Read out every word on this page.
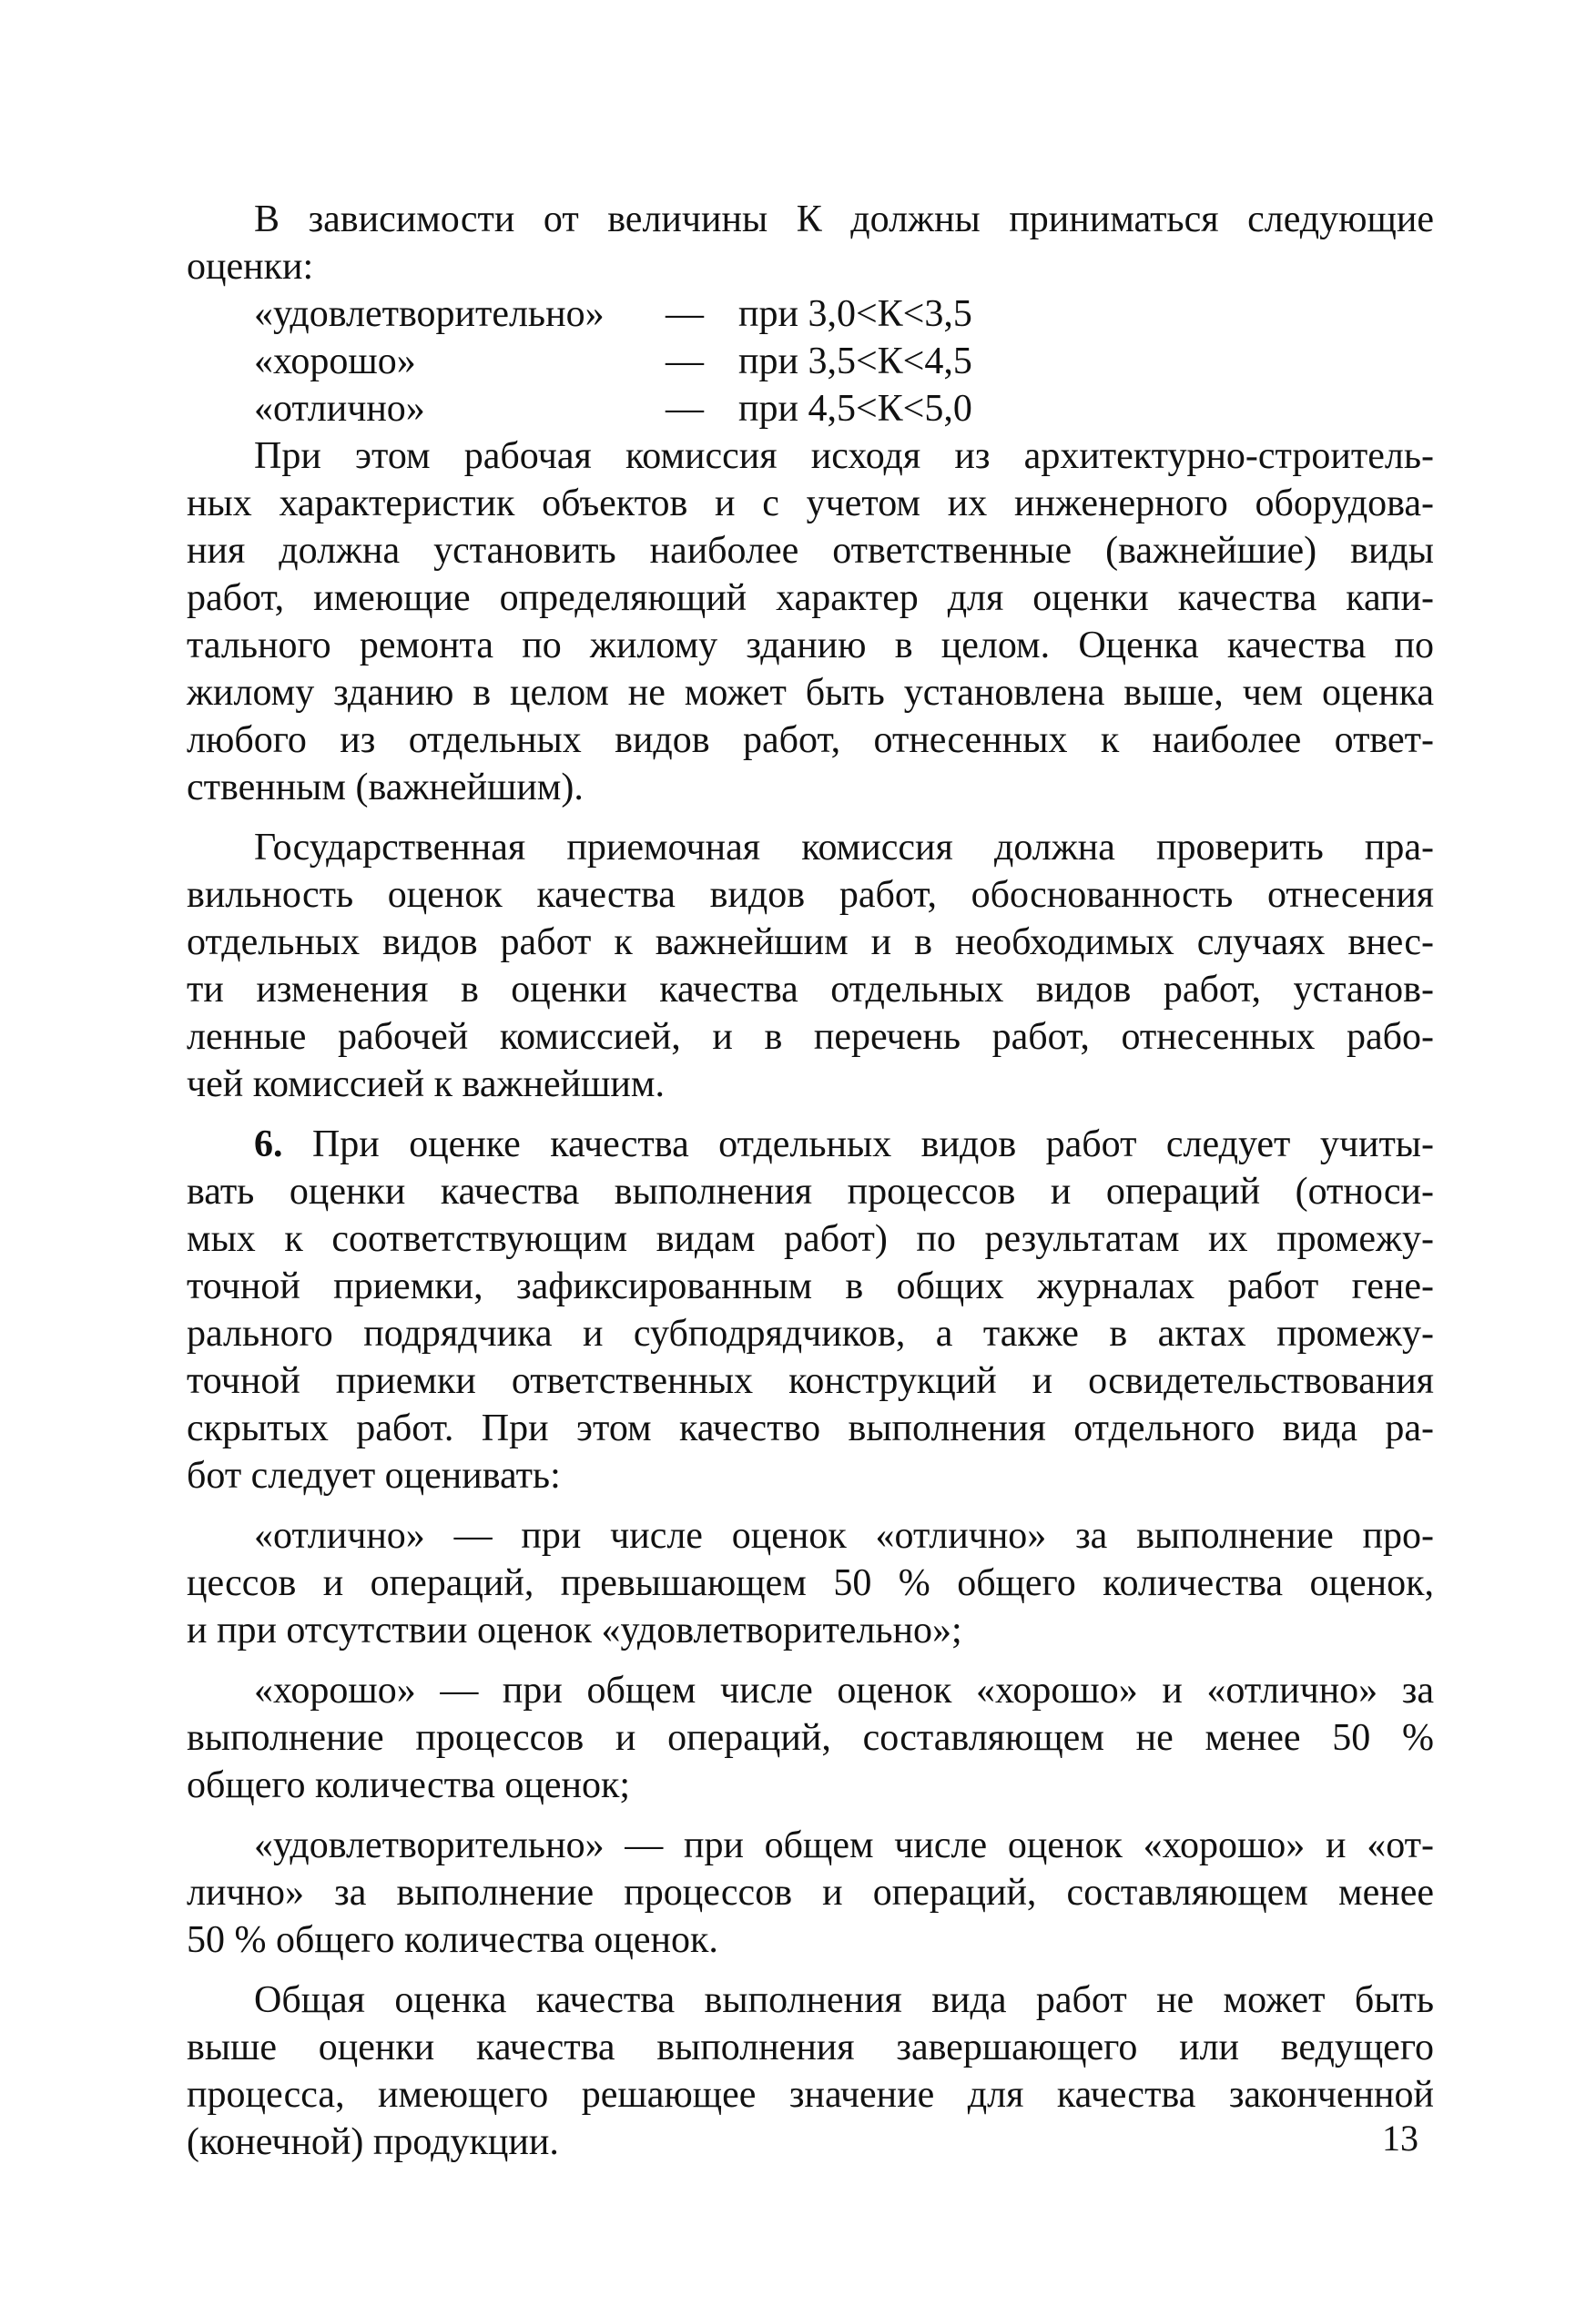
В зависимости от величины К должны приниматься следующие
оценки:
«удовлетворительно»	— при 3,0<К<3,5
«хорошо»	— при 3,5<К<4,5
«отлично»	— при 4,5<К<5,0
При этом рабочая комиссия исходя из архитектурно-строитель-
ных характеристик объектов и с учетом их инженерного оборудова-
ния должна установить наиболее ответственные (важнейшие) виды
работ, имеющие определяющий характер для оценки качества капи-
тального ремонта по жилому зданию в целом. Оценка качества по
жилому зданию в целом не может быть установлена выше, чем оценка
любого из отдельных видов работ, отнесенных к наиболее ответ-
ственным (важнейшим).
Государственная приемочная комиссия должна проверить пра-
вильность оценок качества видов работ, обоснованность отнесения
отдельных видов работ к важнейшим и в необходимых случаях внес-
ти изменения в оценки качества отдельных видов работ, установ-
ленные рабочей комиссией, и в перечень работ, отнесенных рабо-
чей комиссией к важнейшим.
6. При оценке качества отдельных видов работ следует учиты-
вать оценки качества выполнения процессов и операций (относи-
мых к соответствующим видам работ) по результатам их промежу-
точной приемки, зафиксированным в общих журналах работ гене-
рального подрядчика и субподрядчиков, а также в актах промежу-
точной приемки ответственных конструкций и освидетельствования
скрытых работ. При этом качество выполнения отдельного вида ра-
бот следует оценивать:
«отлично» — при числе оценок «отлично» за выполнение про-
цессов и операций, превышающем 50 % общего количества оценок,
и при отсутствии оценок «удовлетворительно»;
«хорошо» — при общем числе оценок «хорошо» и «отлично» за
выполнение процессов и операций, составляющем не менее 50 %
общего количества оценок;
«удовлетворительно» — при общем числе оценок «хорошо» и «от-
лично» за выполнение процессов и операций, составляющем менее
50 % общего количества оценок.
Общая оценка качества выполнения вида работ не может быть
выше оценки качества выполнения завершающего или ведущего
процесса, имеющего решающее значение для качества законченной
(конечной) продукции.	13
